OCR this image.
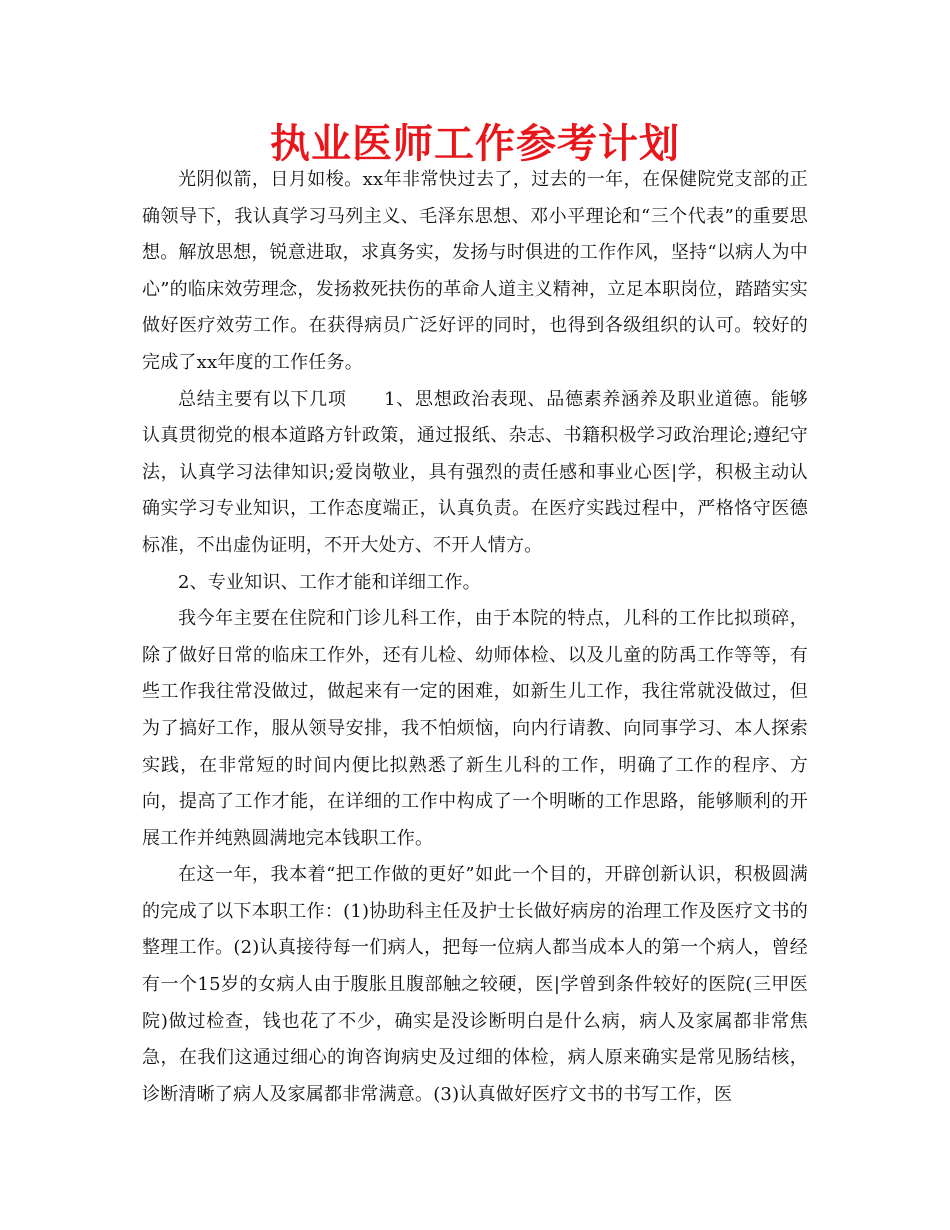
执业医师工作参考计划

光阴似箭，日月如梭。xx年非常快过去了，过去的一年，在保健院党支部的正确领导下，我认真学习马列主义、毛泽东思想、邓小平理论和“三个代表”的重要思想。解放思想，锐意进取，求真务实，发扬与时俱进的工作作风，坚持“以病人为中心”的临床效劳理念，发扬救死扶伤的革命人道主义精神，立足本职岗位，踏踏实实做好医疗效劳工作。在获得病员广泛好评的同时，也得到各级组织的认可。较好的完成了xx年度的工作任务。

总结主要有以下几项　　1、思想政治表现、品德素养涵养及职业道德。能够认真贯彻党的根本道路方针政策，通过报纸、杂志、书籍积极学习政治理论;遵纪守法，认真学习法律知识;爱岗敬业，具有强烈的责任感和事业心医|学，积极主动认确实学习专业知识，工作态度端正，认真负责。在医疗实践过程中，严格恪守医德标准，不出虚伪证明，不开大处方、不开人情方。

2、专业知识、工作才能和详细工作。

我今年主要在住院和门诊儿科工作，由于本院的特点，儿科的工作比拟琐碎，除了做好日常的临床工作外，还有儿检、幼师体检、以及儿童的防禹工作等等，有些工作我往常没做过，做起来有一定的困难，如新生儿工作，我往常就没做过，但为了搞好工作，服从领导安排，我不怕烦恼，向内行请教、向同事学习、本人探索实践，在非常短的时间内便比拟熟悉了新生儿科的工作，明确了工作的程序、方向，提高了工作才能，在详细的工作中构成了一个明晰的工作思路，能够顺利的开展工作并纯熟圆满地完本钱职工作。

在这一年，我本着“把工作做的更好”如此一个目的，开辟创新认识，积极圆满的完成了以下本职工作：(1)协助科主任及护士长做好病房的治理工作及医疗文书的整理工作。(2)认真接待每一们病人，把每一位病人都当成本人的第一个病人，曾经有一个15岁的女病人由于腹胀且腹部触之较硬，医|学曾到条件较好的医院(三甲医院)做过检查，钱也花了不少，确实是没诊断明白是什么病，病人及家属都非常焦急，在我们这通过细心的询咨询病史及过细的体检，病人原来确实是常见肠结核，诊断清晰了病人及家属都非常满意。(3)认真做好医疗文书的书写工作，医
